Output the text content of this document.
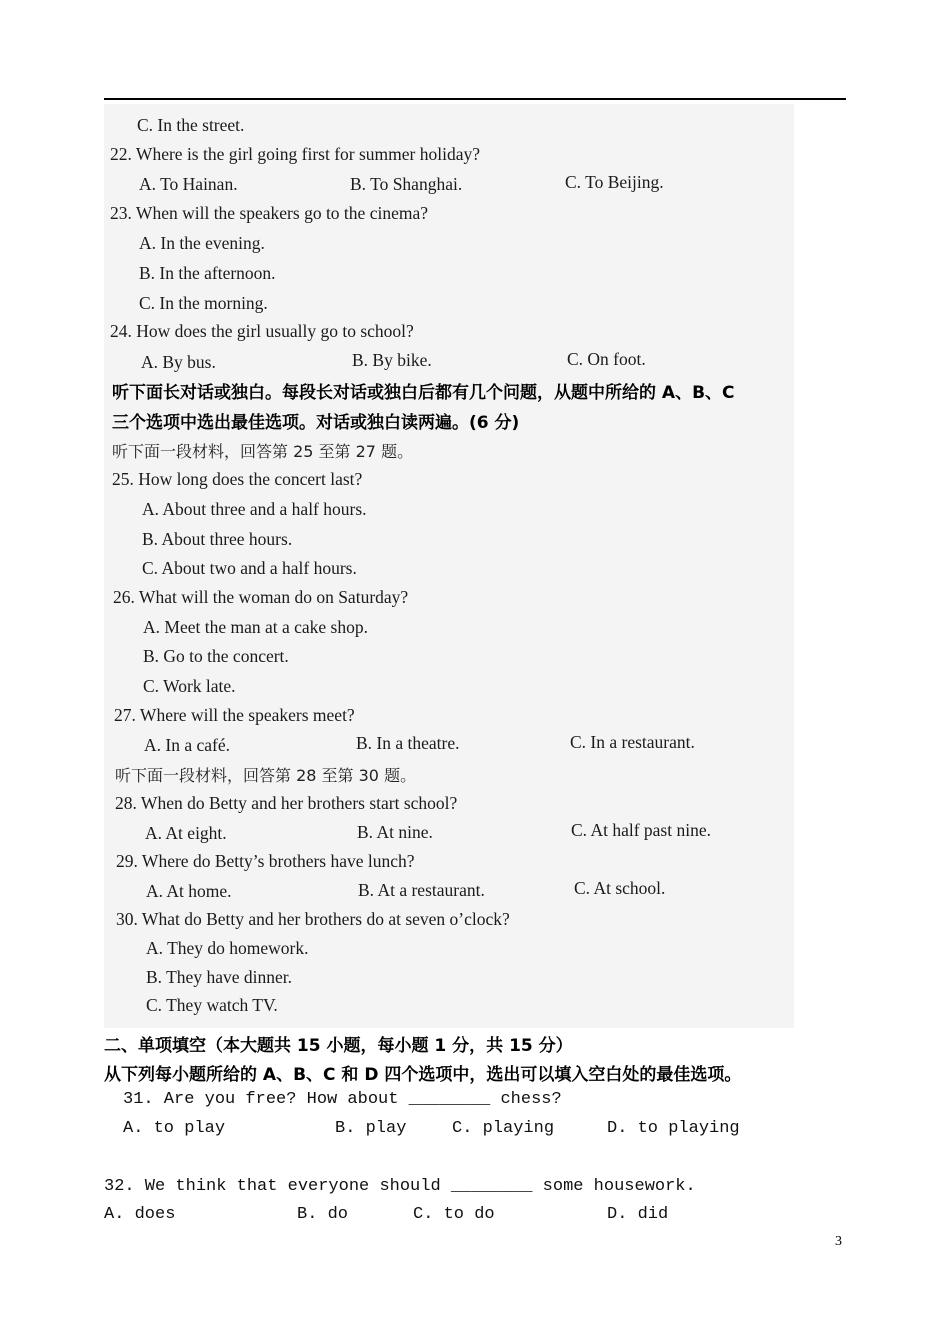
C. In the street.
22. Where is the girl going first for summer holiday?
A. To Hainan.	B. To Shanghai.	C. To Beijing.
23. When will the speakers go to the cinema?
A. In the evening.
B. In the afternoon.
C. In the morning.
24. How does the girl usually go to school?
A. By bus.	B. By bike.	C. On foot.
听下面长对话或独白。每段长对话或独白后都有几个问题，从题中所给的 A、B、C
三个选项中选出最佳选项。对话或独白读两遍。(6 分)
听下面一段材料，回答第 25 至第 27 题。
25. How long does the concert last?
A. About three and a half hours.
B. About three hours.
C. About two and a half hours.
26. What will the woman do on Saturday?
A. Meet the man at a cake shop.
B. Go to the concert.
C. Work late.
27. Where will the speakers meet?
A. In a café.	B. In a theatre.	C. In a restaurant.
听下面一段材料，回答第 28 至第 30 题。
28. When do Betty and her brothers start school?
A. At eight.	B. At nine.	C. At half past nine.
29. Where do Betty’s brothers have lunch?
A. At home.	B. At a restaurant.	C. At school.
30. What do Betty and her brothers do at seven o’clock?
A. They do homework.
B. They have dinner.
C. They watch TV.
二、单项填空（本大题共 15 小题，每小题 1 分，共 15 分）
从下列每小题所给的 A、B、C 和 D 四个选项中，选出可以填入空白处的最佳选项。
31. Are you free? How about ________ chess?
A. to play	B. play	C. playing	D. to playing
32. We think that everyone should ________ some housework.
A. does	B. do	C. to do	D. did
3
